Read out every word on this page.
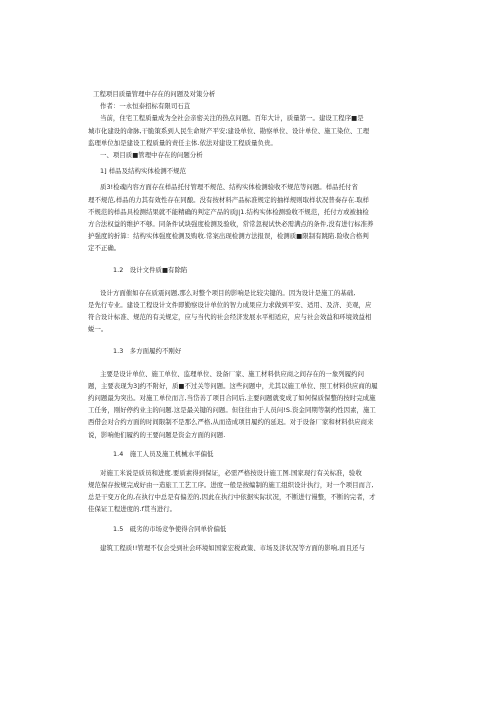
工程项目质量管理中存在的问题及对策分析
作者：一永恒泰招标有限司石苴
当前，住宅工程质量成为全社会亲密关注的热点问题。百年大计，质量第一。建设工程序■是
城市化建设的命脉,干脆策系到人民生命财产平安;建设单位、勘察单位、设计单位、施工染位、工理
监理单位加是建设工程质量的责任主体.依法对建设工程质量负贵。
一、项目质■管理中存在的问题分析
1] 样品及结构实体检测不规范
质3!检魂内容方面存在样品托付管理不规范、结构实体检测验收不规范等问题。样品托付省
理不规范,样品的力其有效性存在同酿。没有按材料产品标准规定的抽样规则取样状况普奏存在.取样
不规范的样品具检测结果就不能精确的判定产品的质J|1.结构实体检测验收不规范，托付方或被抽检
方合法权益的维护不够。同条件试块强度检测及验收，常常忽视试快必需满点的条件,没有进行标准养
护强度的折算：结构实体强度检测及购收.常案出现检测方法报误，检测质■限制有跳陷.险收合格判
定不正确。
1.2　设计文件质■有除陷
设计方面催如存在质震问题,那么对整个项目的影响是比较尖键的。因为设计是施工的基础,
是先行专业。建设工程设计文件即勤察设计单位的智力成果应力求做到平安、适用、及济、美观，应
符合设计标准、规范的有关规定，应与当代的社会经济发展水平相适应，应与社会效益和环境效益相
蜕一。
1.3　多方面履约不刚好
主要是设计单位、施工单位、监理单位、设备厂家、施工材料供应商之间存在的一象列履约问
题，主要表现为3]约不附好，质■不过关等问题。这些问题中，尤其以施工单位、照工材料供应商的履
约问题最为突出。对施工单位而言,当岱善了项目合同后,主要问题就变成了如何保质保整的按时完成施
工任务，刚好停约业主的问题.这是最关键的问题。但往往由于人员问!S.资金同期等制约性因素，施工
西借会对合约方面的时间限制不是那么严格,从而造成项目履约的延迟。对于设备厂家和材料供应商来
说，影响他们履约的王要问题是资金方面的问题.
1.4　施工人员及施工机械水平偏低
对施工米说是质员和进度.要质素得到保证，必需严格按设计施工图.国家现行有关标准，验收
规范保存按规完成好由一造旅工工艺工序。进度一般是按编制的施工组织设计执行，对一个项目而言,
总是干变万化的,在执行中总是有偏差的,因此在执行中依据实际状况，不断进行谩整，不断的完者，才
佳保证工程进度的.f贯当进行。
1.5　砥劣的市场竞争使得合同单价偏低
建筑工程质!!管理不仅会受到社会环境如国家宏税政策、市场及济状况等方面的影响,而且还与
